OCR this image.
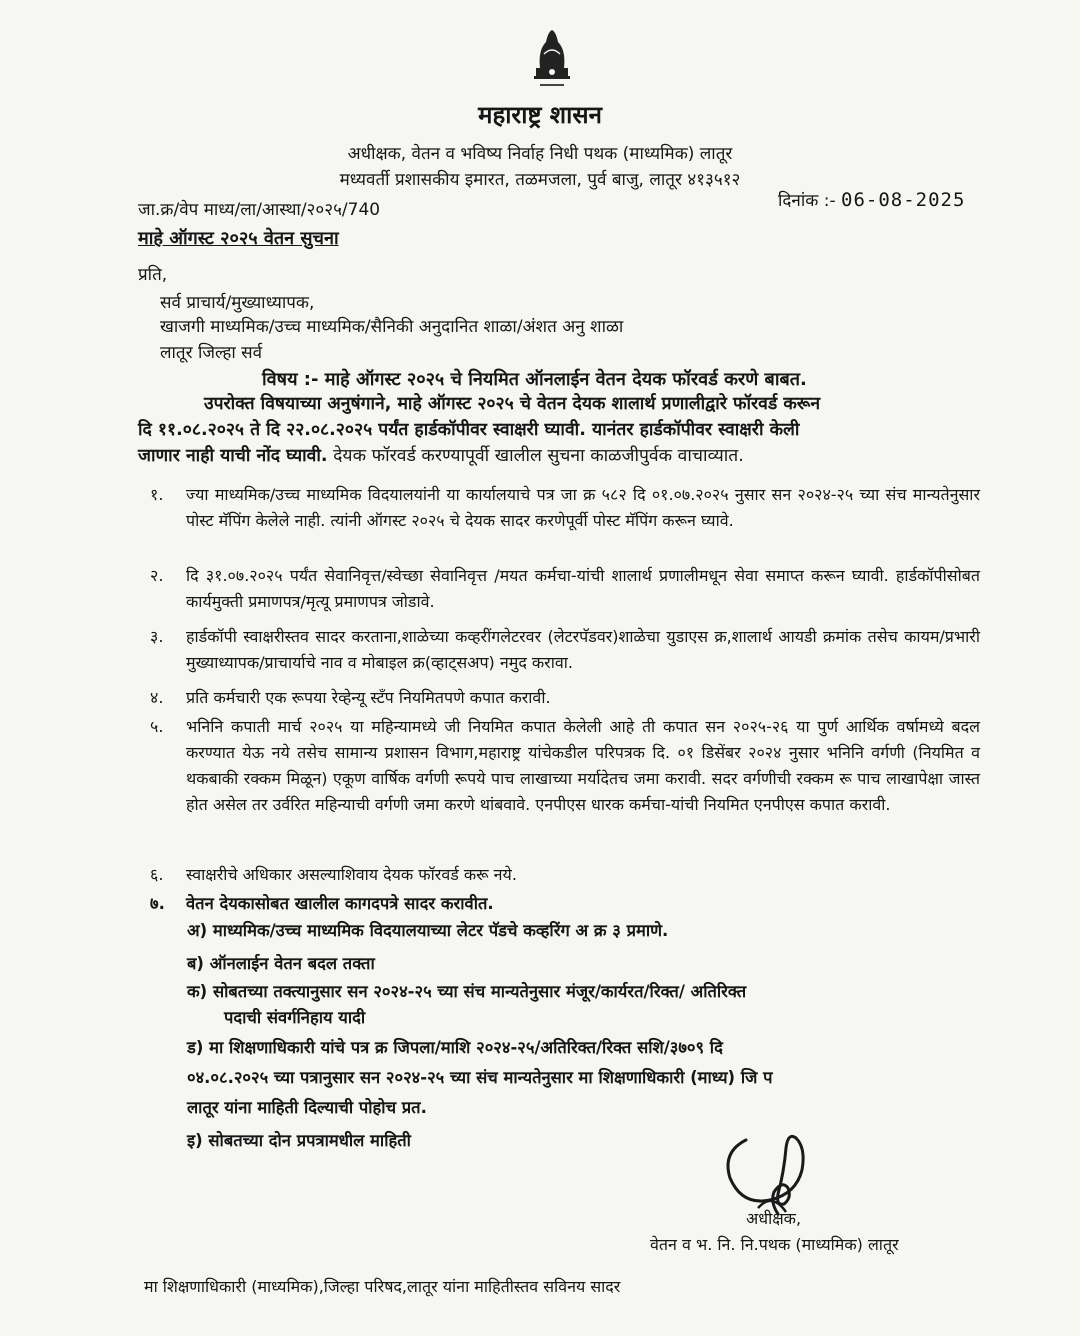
महाराष्ट्र शासन
अधीक्षक, वेतन व भविष्य निर्वाह निधी पथक (माध्यमिक) लातूर
मध्यवर्ती प्रशासकीय इमारत, तळमजला, पुर्व बाजु, लातूर ४१३५१२
जा.क्र/वेप माध्य/ला/आस्था/२०२५/740	दिनांक :- 06-08-2025
माहे ऑगस्ट २०२५ वेतन सुचना
प्रति,
सर्व प्राचार्य/मुख्याध्यापक,
खाजगी माध्यमिक/उच्च माध्यमिक/सैनिकी अनुदानित शाळा/अंशत अनु शाळा
लातूर जिल्हा सर्व
विषय :- माहे ऑगस्ट २०२५ चे नियमित ऑनलाईन वेतन देयक फॉरवर्ड करणे बाबत.
उपरोक्त विषयाच्या अनुषंगाने, माहे ऑगस्ट २०२५ चे वेतन देयक शालार्थ प्रणालीद्वारे फॉरवर्ड करून
दि ११.०८.२०२५ ते दि २२.०८.२०२५ पर्यंत हार्डकॉपीवर स्वाक्षरी घ्यावी. यानंतर हार्डकॉपीवर स्वाक्षरी केली
जाणार नाही याची नोंद घ्यावी. देयक फॉरवर्ड करण्यापूर्वी खालील सुचना काळजीपुर्वक वाचाव्यात.
१.	ज्या माध्यमिक/उच्च माध्यमिक विदयालयांनी या कार्यालयाचे पत्र जा क्र ५८२ दि ०१.०७.२०२५ नुसार सन २०२४-२५ च्या संच मान्यतेनुसार पोस्ट मॅपिंग केलेले नाही. त्यांनी ऑगस्ट २०२५ चे देयक सादर करणेपूर्वी पोस्ट मॅपिंग करून घ्यावे.
२.	दि ३१.०७.२०२५ पर्यंत सेवानिवृत्त/स्वेच्छा सेवानिवृत्त /मयत कर्मचा-यांची शालार्थ प्रणालीमधून सेवा समाप्त करून घ्यावी. हार्डकॉपीसोबत कार्यमुक्ती प्रमाणपत्र/मृत्यू प्रमाणपत्र जोडावे.
३.	हार्डकॉपी स्वाक्षरीस्तव सादर करताना,शाळेच्या कव्हरींगलेटरवर (लेटरपॅडवर)शाळेचा युडाएस क्र,शालार्थ आयडी क्रमांक तसेच कायम/प्रभारी मुख्याध्यापक/प्राचार्याचे नाव व मोबाइल क्र(व्हाट्सअप) नमुद करावा.
४.	प्रति कर्मचारी एक रूपया रेव्हेन्यू स्टॅंप नियमितपणे कपात करावी.
५.	भनिनि कपाती मार्च २०२५ या महिन्यामध्ये जी नियमित कपात केलेली आहे ती कपात सन २०२५-२६ या पुर्ण आर्थिक वर्षामध्ये बदल करण्यात येऊ नये तसेच सामान्य प्रशासन विभाग,महाराष्ट्र यांचेकडील परिपत्रक दि. ०१ डिसेंबर २०२४ नुसार भनिनि वर्गणी (नियमित व थकबाकी रक्कम मिळून) एकूण वार्षिक वर्गणी रूपये पाच लाखाच्या मर्यादेतच जमा करावी. सदर वर्गणीची रक्कम रू पाच लाखापेक्षा जास्त होत असेल तर उर्वरित महिन्याची वर्गणी जमा करणे थांबवावे. एनपीएस धारक कर्मचा-यांची नियमित एनपीएस कपात करावी.
६.	स्वाक्षरीचे अधिकार असल्याशिवाय देयक फॉरवर्ड करू नये.
७.	वेतन देयकासोबत खालील कागदपत्रे सादर करावीत.
अ) माध्यमिक/उच्च माध्यमिक विदयालयाच्या लेटर पॅडचे कव्हरिंग अ क्र ३ प्रमाणे.
ब) ऑनलाईन वेतन बदल तक्ता
क) सोबतच्या तक्त्यानुसार सन २०२४-२५ च्या संच मान्यतेनुसार मंजूर/कार्यरत/रिक्त/ अतिरिक्त
पदाची संवर्गनिहाय यादी
ड) मा शिक्षणाधिकारी यांचे पत्र क्र जिपला/माशि २०२४-२५/अतिरिक्त/रिक्त सशि/३७०९ दि
०४.०८.२०२५ च्या पत्रानुसार सन २०२४-२५ च्या संच मान्यतेनुसार मा शिक्षणाधिकारी (माध्य) जि प
लातूर यांना माहिती दिल्याची पोहोच प्रत.
इ) सोबतच्या दोन प्रपत्रामधील माहिती
अधीक्षक,
वेतन व भ. नि. नि.पथक (माध्यमिक) लातूर
मा शिक्षणाधिकारी (माध्यमिक),जिल्हा परिषद,लातूर यांना माहितीस्तव सविनय सादर
